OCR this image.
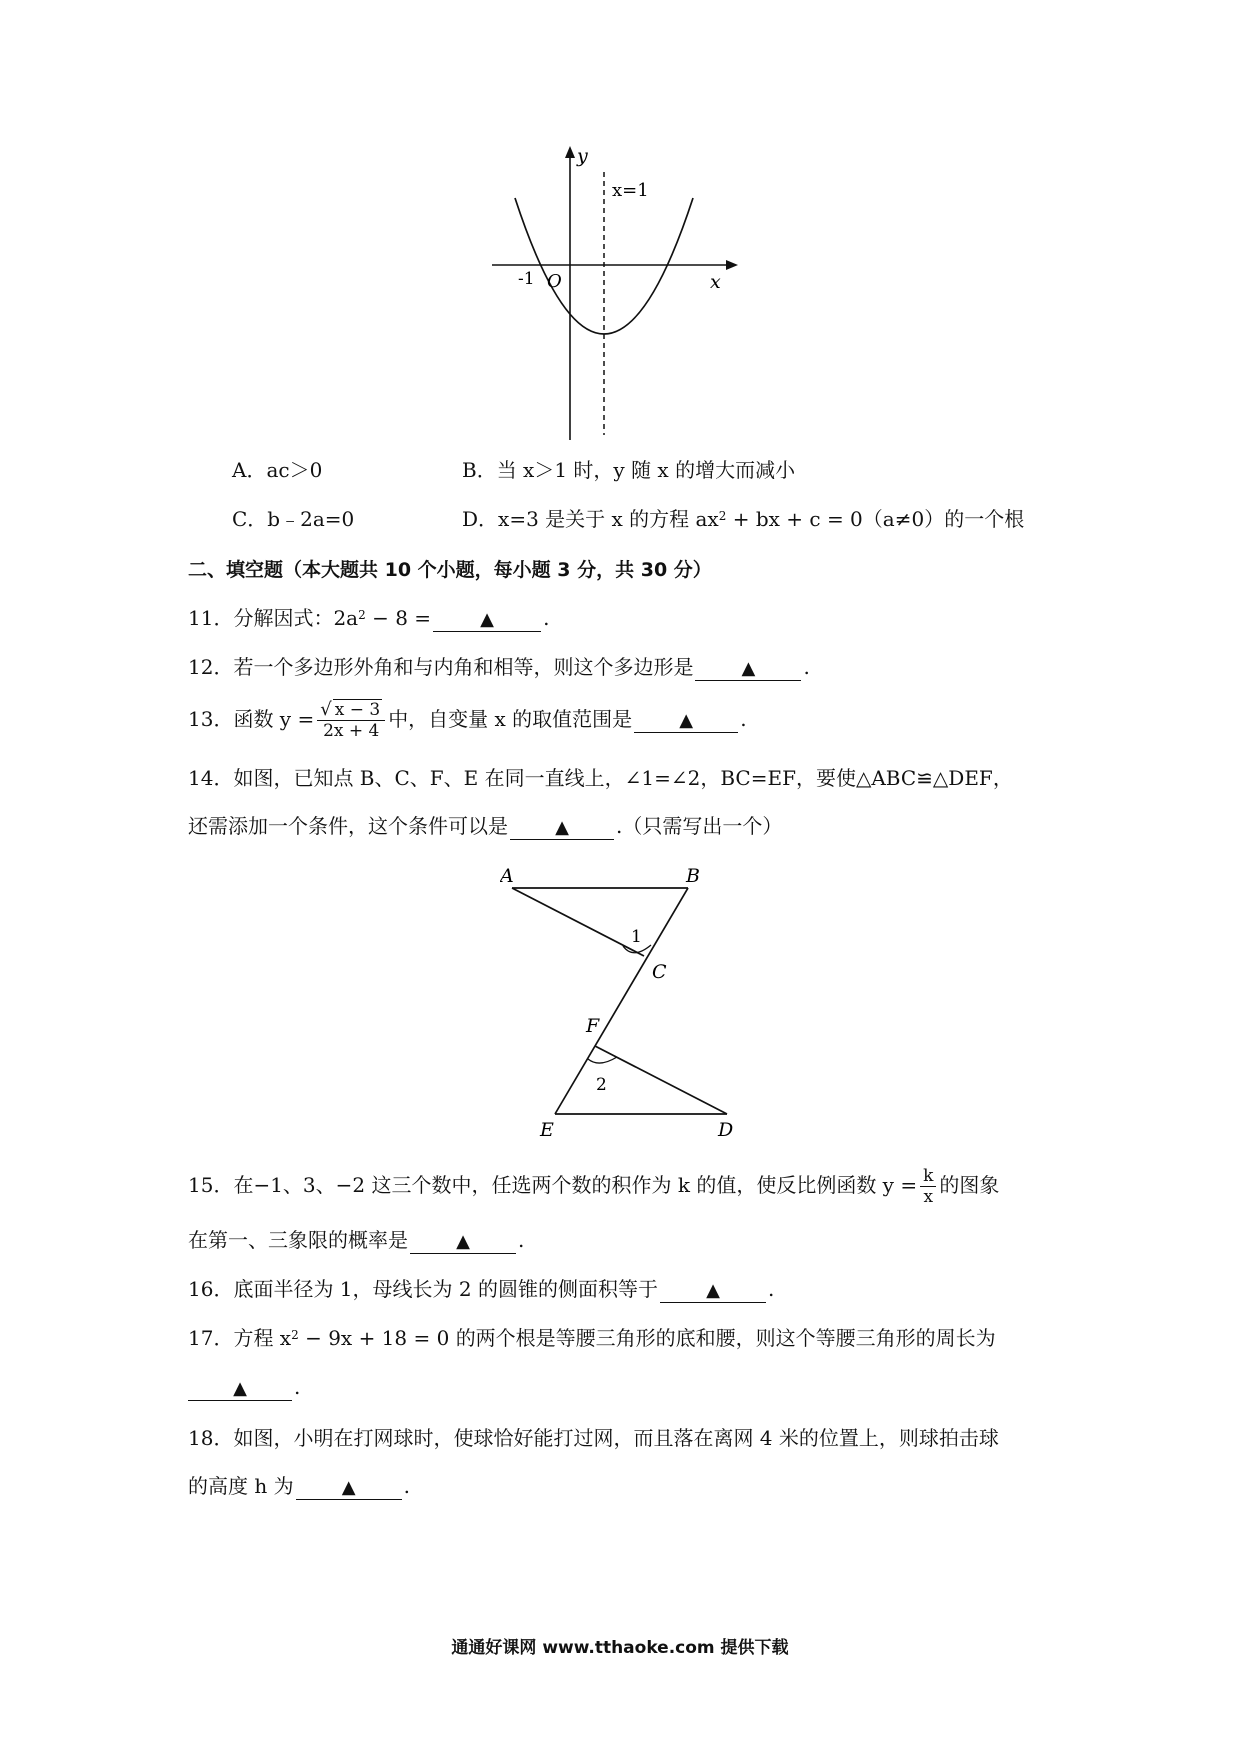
y
x
x=1
-1 O
A．ac＞0	B．当 x＞1 时，y 随 x 的增大而减小
C．b﹣2a=0	D．x=3 是关于 x 的方程 $ax^2$ + bx + c = 0（a≠0）的一个根
二、填空题（本大题共 10 个小题，每小题 3 分，共 30 分）
11．分解因式：$2a^2 - 8$ =	▲ .
12．若一个多边形外角和与内角和相等，则这个多边形是	▲ .
13．函数 $y = \frac{√ x - 3}{2x + 4}$ 中，自变量 x 的取值范围是	▲ .
14．如图，已知点 B、C、F、E 在同一直线上，∠1=∠2，BC=EF，要使△ABC≌△DEF，
还需添加一个条件，这个条件可以是	▲ .（只需写出一个）
A	B
C
F
E	D
1
2
15．在−1、3、−2 这三个数中，任选两个数的积作为 k 的值，使反比例函数 $y = \frac{k}{x}$ 的图象
在第一、三象限的概率是	▲ .
16．底面半径为 1，母线长为 2 的圆锥的侧面积等于	▲ .
17．方程 $x^2 - 9x + 18 = 0$ 的两个根是等腰三角形的底和腰，则这个等腰三角形的周长为
▲ .
18．如图，小明在打网球时，使球恰好能打过网，而且落在离网 4 米的位置上，则球拍击球
的高度 h 为	▲ .
通通好课网 www.tthaoke.com 提供下载
